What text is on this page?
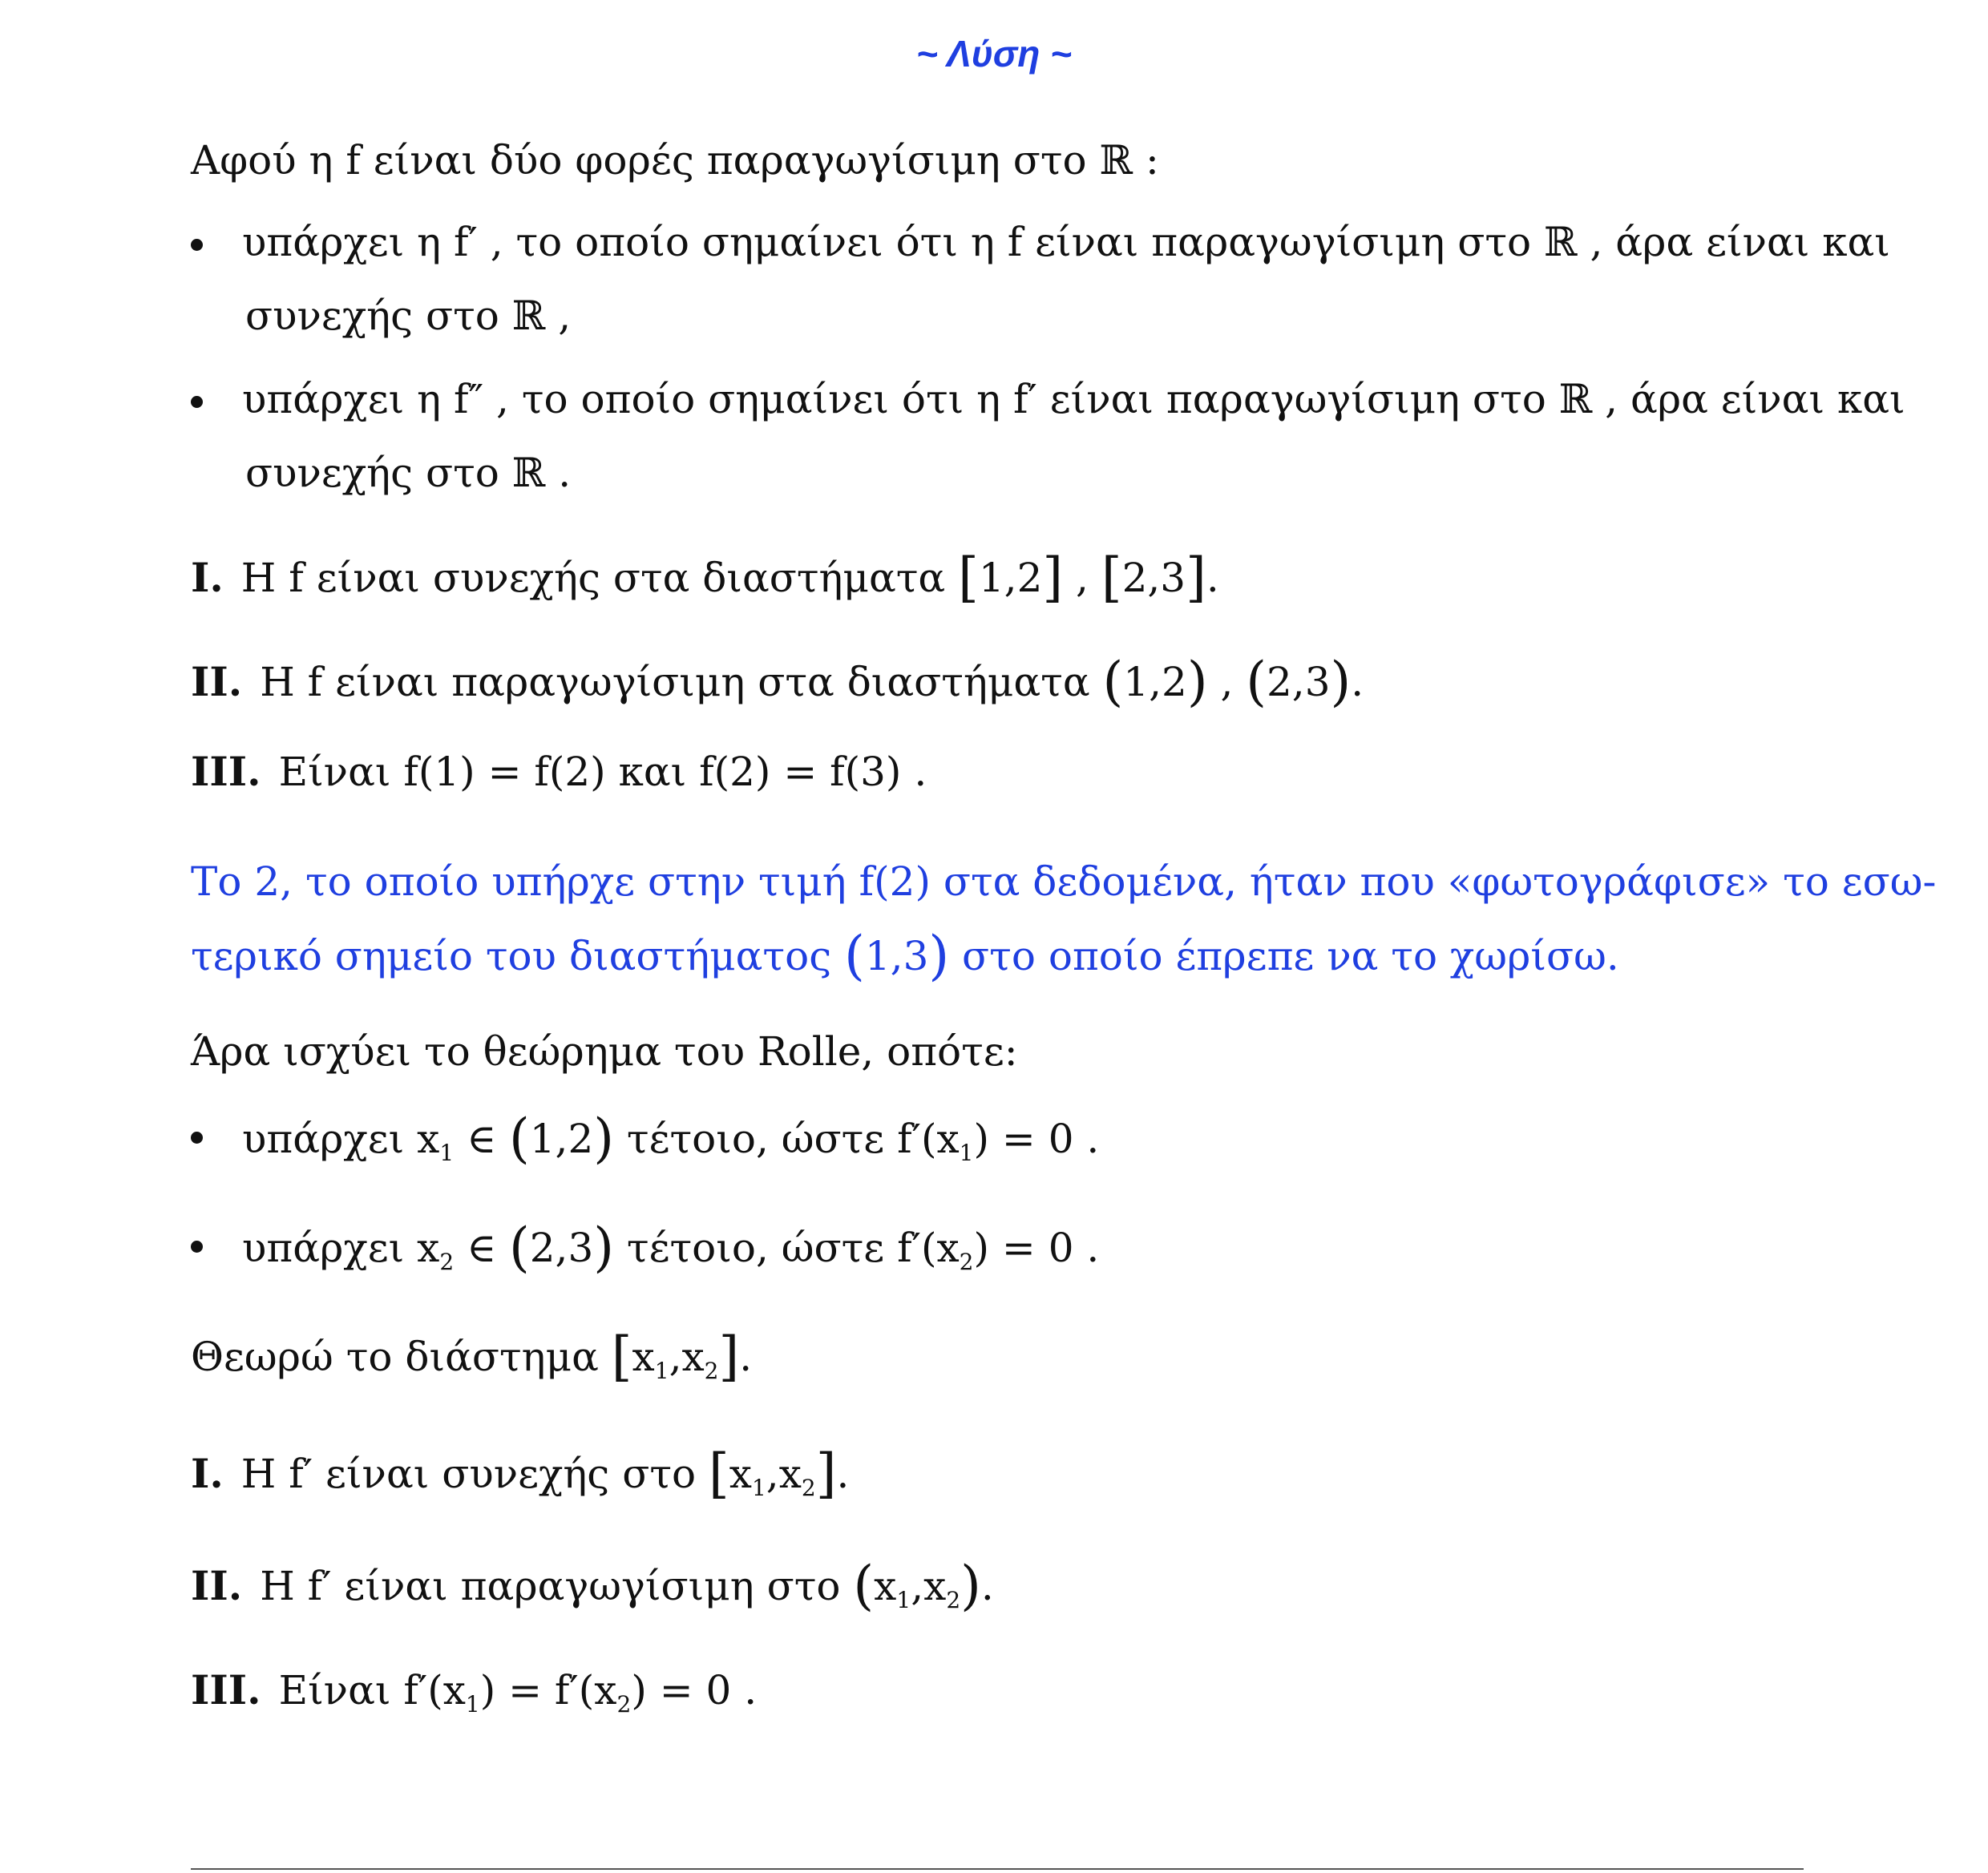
~ Λύση ~
Αφού η f είναι δύο φορές παραγωγίσιμη στο ℝ :
υπάρχει η f′ , το οποίο σημαίνει ότι η f είναι παραγωγίσιμη στο ℝ , άρα είναι και
συνεχής στο ℝ ,
υπάρχει η f″ , το οποίο σημαίνει ότι η f′ είναι παραγωγίσιμη στο ℝ , άρα είναι και
συνεχής στο ℝ .
I. Η f είναι συνεχής στα διαστήματα [1,2] , [2,3].
II. Η f είναι παραγωγίσιμη στα διαστήματα (1,2) , (2,3).
III. Είναι f(1) = f(2) και f(2) = f(3) .
Το 2, το οποίο υπήρχε στην τιμή f(2) στα δεδομένα, ήταν που «φωτογράφισε» το εσω-
τερικό σημείο του διαστήματος (1,3) στο οποίο έπρεπε να το χωρίσω.
Άρα ισχύει το θεώρημα του Rolle, οπότε:
υπάρχει $x_1$ ∈ (1,2) τέτοιο, ώστε $f'(x_1) = 0$ .
υπάρχει $x_2$ ∈ (2,3) τέτοιο, ώστε $f'(x_2) = 0$ .
Θεωρώ το διάστημα $[x_1,x_2]$.
I. Η f′ είναι συνεχής στο $[x_1,x_2]$.
II. Η f′ είναι παραγωγίσιμη στο $(x_1,x_2)$.
III. Είναι $f'(x_1) = f'(x_2) = 0$ .
